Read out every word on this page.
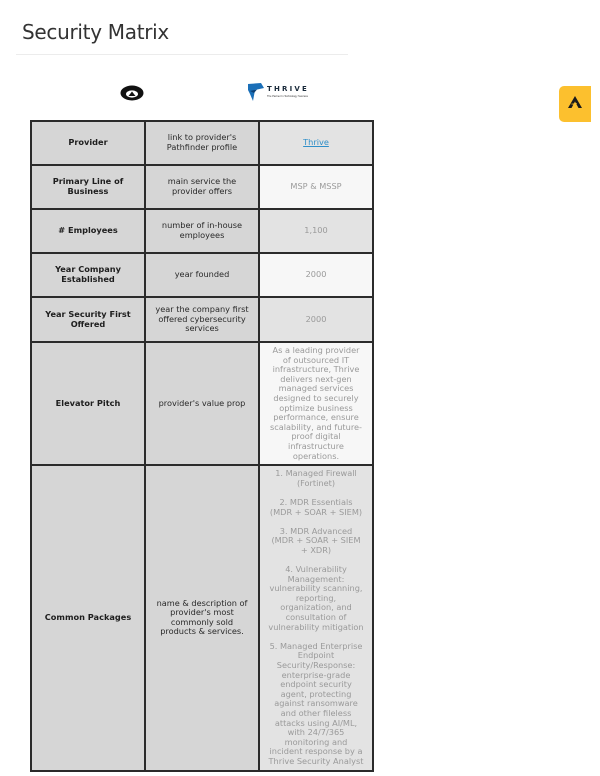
Security Matrix
THRIVE
The Partner In Technology Success
Provider	link to provider's Pathfinder profile	Thrive
Primary Line of Business	main service the provider offers	MSP & MSSP
# Employees	number of in-house employees	1,100
Year Company Established	year founded	2000
Year Security First Offered	year the company first offered cybersecurity services	2000
Elevator Pitch	provider's value prop	As a leading provider of outsourced IT infrastructure, Thrive delivers next-gen managed services designed to securely optimize business performance, ensure scalability, and future-proof digital infrastructure operations.
Common Packages	name & description of provider's most commonly sold products & services.	1. Managed Firewall (Fortinet)

2. MDR Essentials (MDR + SOAR + SIEM)

3. MDR Advanced (MDR + SOAR + SIEM + XDR)

4. Vulnerability Management: vulnerability scanning, reporting, organization, and consultation of vulnerability mitigation

5. Managed Enterprise Endpoint Security/Response: enterprise-grade endpoint security agent, protecting against ransomware and other fileless attacks using AI/ML, with 24/7/365 monitoring and incident response by a Thrive Security Analyst
